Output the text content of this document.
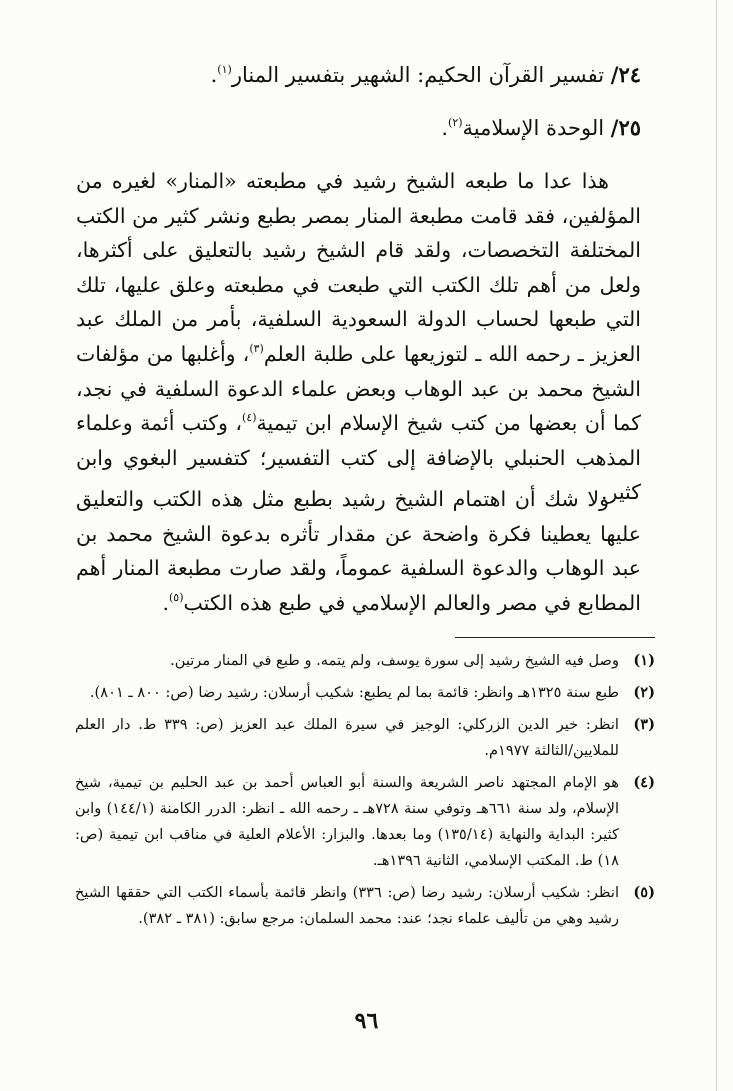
٢٤/ تفسير القرآن الحكيم: الشهير بتفسير المنار$^{(١)}$.
٢٥/ الوحدة الإسلامية$^{(٢)}$.

هذا عدا ما طبعه الشيخ رشيد في مطبعته «المنار» لغيره من المؤلفين، فقد قامت مطبعة المنار بمصر بطبع ونشر كثير من الكتب المختلفة التخصصات، ولقد قام الشيخ رشيد بالتعليق على أكثرها، ولعل من أهم تلك الكتب التي طبعت في مطبعته وعلق عليها، تلك التي طبعها لحساب الدولة السعودية السلفية، بأمر من الملك عبد العزيز ـ رحمه الله ـ لتوزيعها على طلبة العلم$^{(٣)}$، وأغلبها من مؤلفات الشيخ محمد بن عبد الوهاب وبعض علماء الدعوة السلفية في نجد، كما أن بعضها من كتب شيخ الإسلام ابن تيمية$^{(٤)}$، وكتب أئمة وعلماء المذهب الحنبلي بالإضافة إلى كتب التفسير؛ كتفسير البغوي وابن كثير.

ولا شك أن اهتمام الشيخ رشيد بطبع مثل هذه الكتب والتعليق عليها يعطينا فكرة واضحة عن مقدار تأثره بدعوة الشيخ محمد بن عبد الوهاب والدعوة السلفية عموماً، ولقد صارت مطبعة المنار أهم المطابع في مصر والعالم الإسلامي في طبع هذه الكتب$^{(٥)}$.

(١)
وصل فيه الشيخ رشيد إلى سورة يوسف، ولم يتمه. و طبع في المنار مرتين.
(٢)
طبع سنة ١٣٢٥هـ وانظر: قائمة بما لم يطبع: شكيب أرسلان: رشيد رضا (ص: ٨٠٠ ـ ٨٠١).
(٣)
انظر: خير الدين الزركلي: الوجيز في سيرة الملك عبد العزيز (ص: ٣٣٩ ط. دار العلم للملايين/الثالثة ١٩٧٧م.
(٤)
هو الإمام المجتهد ناصر الشريعة والسنة أبو العباس أحمد بن عبد الحليم بن تيمية، شيخ الإسلام، ولد سنة ٦٦١هـ وتوفي سنة ٧٢٨هـ ـ رحمه الله ـ انظر: الدرر الكامنة (١٤٤/١) وابن كثير: البداية والنهاية (١٣٥/١٤) وما بعدها. والبزار: الأعلام العلية في مناقب ابن تيمية (ص: ١٨) ط. المكتب الإسلامي، الثانية ١٣٩٦هـ.
(٥)
انظر: شكيب أرسلان: رشيد رضا (ص: ٣٣٦) وانظر قائمة بأسماء الكتب التي حققها الشيخ رشيد وهي من تأليف علماء نجد؛ عند: محمد السلمان: مرجع سابق: (٣٨١ ـ ٣٨٢).
٩٦
